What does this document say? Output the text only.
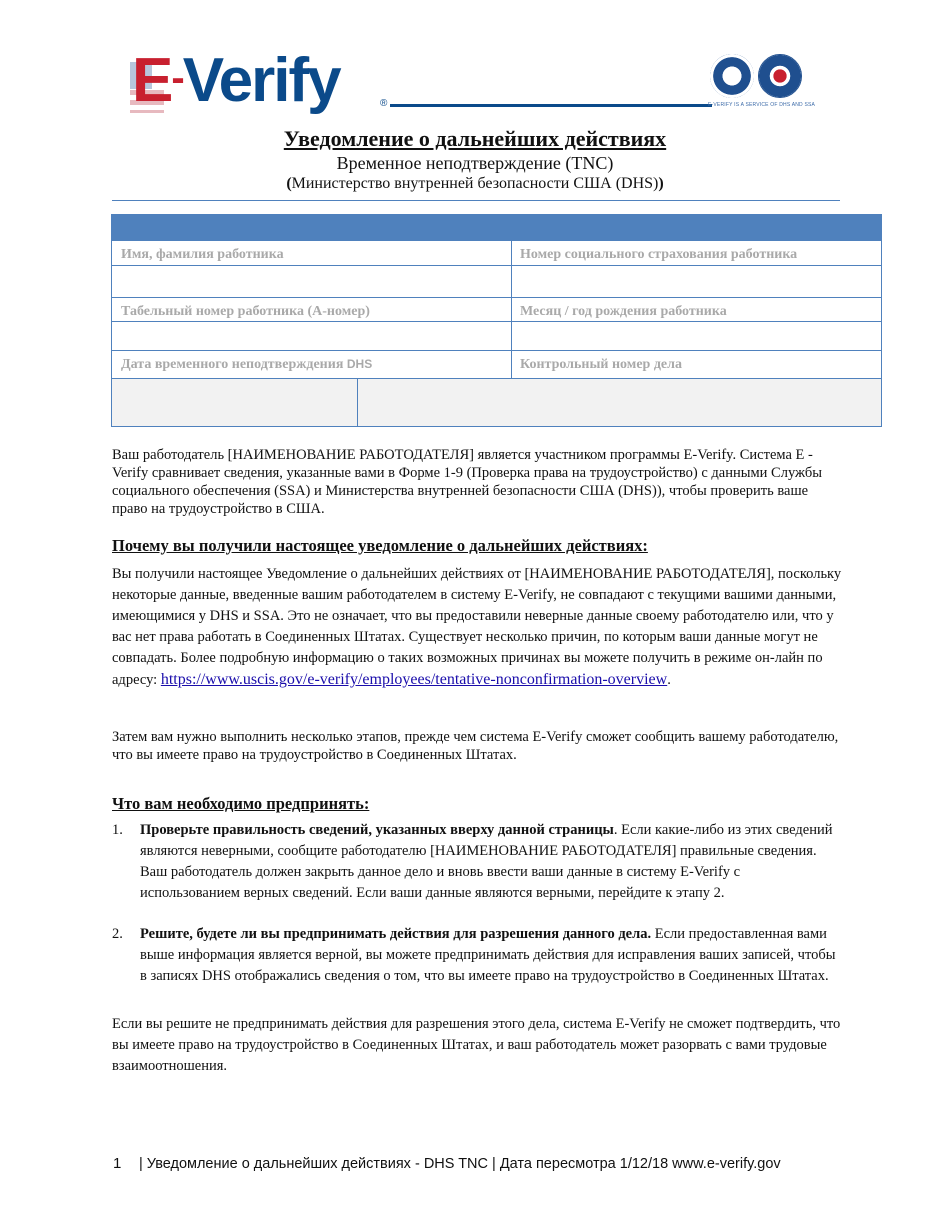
E-Verify	®	E-VERIFY IS A SERVICE OF DHS AND SSA
Уведомление о дальнейших действиях
Временное неподтверждение (TNC)
(Министерство внутренней безопасности США (DHS))
Имя, фамилия работника	Номер социального страхования работника
Табельный номер работника (А-номер)	Месяц / год рождения работника
Дата временного неподтверждения DHS	Контрольный номер дела
Ваш работодатель [НАИМЕНОВАНИЕ РАБОТОДАТЕЛЯ] является участником программы E-Verify. Система E -Verify сравнивает сведения, указанные вами в Форме 1-9 (Проверка права на трудоустройство) с данными Службы социального обеспечения (SSA) и Министерства внутренней безопасности США (DHS)), чтобы проверить ваше право на трудоустройство в США.
Почему вы получили настоящее уведомление о дальнейших действиях:
Вы получили настоящее Уведомление о дальнейших действиях от [НАИМЕНОВАНИЕ РАБОТОДАТЕЛЯ], поскольку некоторые данные, введенные вашим работодателем в систему E-Verify, не совпадают с текущими вашими данными, имеющимися у DHS и SSA. Это не означает, что вы предоставили неверные данные своему работодателю или, что у вас нет права работать в Соединенных Штатах. Существует несколько причин, по которым ваши данные могут не совпадать. Более подробную информацию о таких возможных причинах вы можете получить в режиме он-лайн по адресу: https://www.uscis.gov/e-verify/employees/tentative-nonconfirmation-overview.
Затем вам нужно выполнить несколько этапов, прежде чем система E-Verify сможет сообщить вашему работодателю, что вы имеете право на трудоустройство в Соединенных Штатах.
Что вам необходимо предпринять:
1. Проверьте правильность сведений, указанных вверху данной страницы. Если какие-либо из этих сведений являются неверными, сообщите работодателю [НАИМЕНОВАНИЕ РАБОТОДАТЕЛЯ] правильные сведения. Ваш работодатель должен закрыть данное дело и вновь ввести ваши данные в систему E-Verify с использованием верных сведений. Если ваши данные являются верными, перейдите к этапу 2.
2. Решите, будете ли вы предпринимать действия для разрешения данного дела. Если предоставленная вами выше информация является верной, вы можете предпринимать действия для исправления ваших записей, чтобы в записях DHS отображались сведения о том, что вы имеете право на трудоустройство в Соединенных Штатах.
Если вы решите не предпринимать действия для разрешения этого дела, система E-Verify не сможет подтвердить, что вы имеете право на трудоустройство в Соединенных Штатах, и ваш работодатель может разорвать с вами трудовые взаимоотношения.
1 | Уведомление о дальнейших действиях - DHS TNC | Дата пересмотра 1/12/18 www.e-verify.gov
